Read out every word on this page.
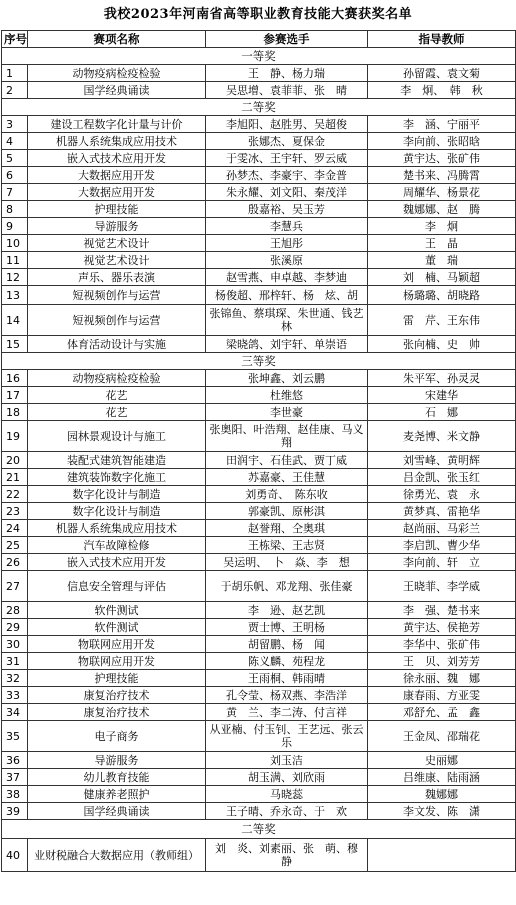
我校2023年河南省高等职业教育技能大赛获奖名单
序号	赛项名称	参赛选手	指导教师
一等奖			
1	动物疫病检疫检验	王　静、杨力瑞	孙留霞、袁文菊
2	国学经典诵读	吴思增、袁菲菲、张　晴	李　炯、　韩　秋
二等奖			
3	建设工程数字化计量与计价	李旭阳、赵胜男、吴超俊	李　涵、宁丽平
4	机器人系统集成应用技术	张娜杰、夏保金	李向前、张昭晗
5	嵌入式技术应用开发	于雯冰、王宇轩、罗云威	黄宇达、张矿伟
6	大数据应用开发	孙梦杰、李豪宇、李金普	楚书来、冯腾霄
7	大数据应用开发	朱永耀、刘文阳、秦茂洋	周耀华、杨景花
8	护理技能	殷嘉裕、吴玉芳	魏娜娜、赵　腾
9	导游服务	李慧兵	李　炯
10	视觉艺术设计	王旭彤	王　晶
11	视觉艺术设计	张溪原	董　瑞
12	声乐、器乐表演	赵雪燕、申卓越、李梦迪	刘　楠、马颖超
13	短视频创作与运营	杨俊超、邢梓轩、杨　炫、胡	杨璐璐、胡晓路
14	短视频创作与运营	张锦鱼、蔡琪琛、朱世通、钱艺林	雷　芹、王东伟
15	体育活动设计与实施	梁晓鸽、刘宇轩、单崇语	张向楠、史　帅
三等奖			
16	动物疫病检疫检验	张坤鑫、刘云鹏	朱平军、孙灵灵
17	花艺	杜维悠	宋建华
18	花艺	李世豪	石　娜
19	园林景观设计与施工	张奥阳、叶浩翔、赵佳康、马义翔	麦尧博、米文静
20	装配式建筑智能建造	田润宇、石佳武、贾丁威	刘雪峰、黄明辉
21	建筑装饰数字化施工	苏嘉豪、王佳慧	吕金凯、张玉红
22	数字化设计与制造	刘勇奇、　陈东收	徐勇光、袁　永
23	数字化设计与制造	郭豪凯、原彬淇	黄梦真、雷艳华
24	机器人系统集成应用技术	赵誉翔、仝奥琪	赵尚丽、马彩兰
25	汽车故障检修	王栋梁、王志贤	李启凯、曹少华
26	嵌入式技术应用开发	吴运明、　卜　焱、李　想	李向前、轩　立
27	信息安全管理与评估	于胡乐帆、邓龙翔、张佳豪	王晓菲、李学威
28	软件测试	李　逊、赵艺凯	李　强、楚书来
29	软件测试	贾士博、王明杨	黄宇达、侯艳芳
30	物联网应用开发	胡留鹏、杨　闻	李华中、张矿伟
31	物联网应用开发	陈义麟、苑程龙	王　贝、刘芳芳
32	护理技能	王雨桐、韩雨晴	徐永丽、魏　娜
33	康复治疗技术	孔令莹、杨双燕、李浩洋	康春雨、方亚雯
34	康复治疗技术	黄　兰、李二涛、付言祥	邓舒允、孟　鑫
35	电子商务	从亚楠、付玉钊、王艺远、张云乐	王金凤、邵瑞花
36	导游服务	刘玉洁	史丽娜
37	幼儿教育技能	胡玉满、刘欣雨	吕维康、陆雨涵
38	健康养老照护	马晓蕊	魏娜娜
39	国学经典诵读	王子晴、乔永奇、于　欢	李文发、陈　潇
二等奖			
40	业财税融合大数据应用（教师组）	刘　炎、刘素丽、张　萌、穆　静	
